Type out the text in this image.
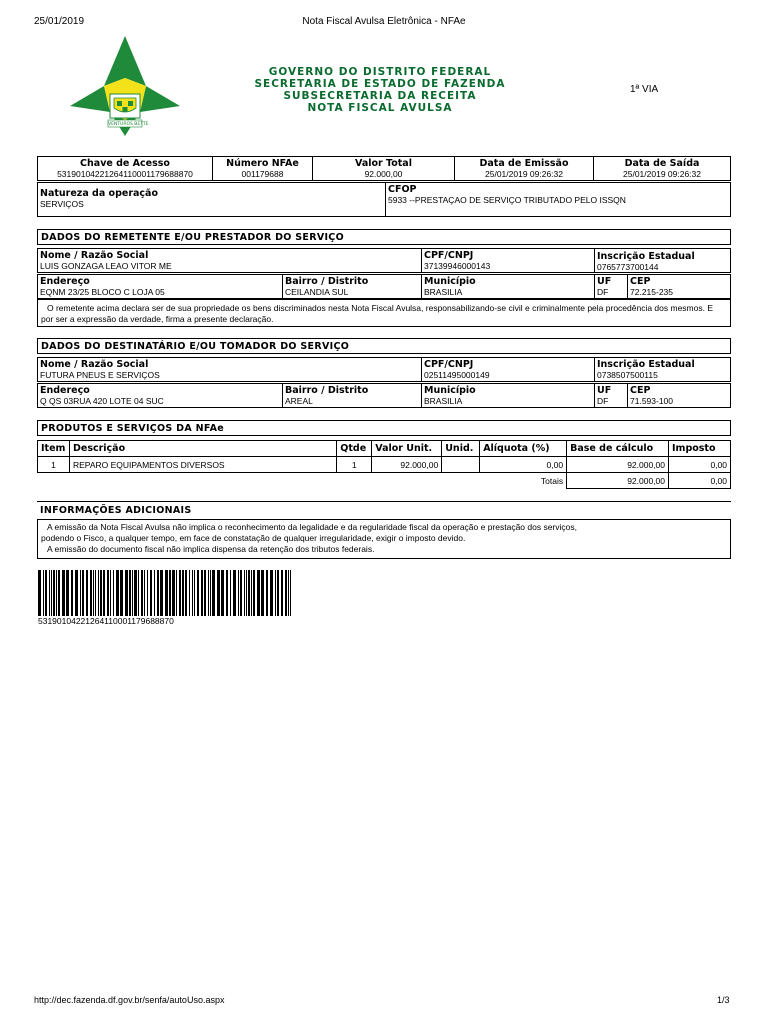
25/01/2019	Nota Fiscal Avulsa Eletrônica - NFAe
VENTUROS BETTE
GOVERNO DO DISTRITO FEDERAL
SECRETARIA DE ESTADO DE FAZENDA
SUBSECRETARIA DA RECEITA
NOTA FISCAL AVULSA
1ª VIA
Chave de Acesso
53190104221264110001179688870
Número NFAe
001179688
Valor Total
92.000,00
Data de Emissão
25/01/2019 09:26:32
Data de Saída
25/01/2019 09:26:32
Natureza da operação
SERVIÇOS
CFOP
5933 --PRESTAÇAO DE SERVIÇO TRIBUTADO PELO ISSQN
DADOS DO REMETENTE E/OU PRESTADOR DO SERVIÇO
Nome / Razão Social
LUIS GONZAGA LEAO VITOR ME
CPF/CNPJ
37139946000143
Inscrição Estadual
0765773700144
Endereço
EQNM 23/25 BLOCO C LOJA 05
Bairro / Distrito
CEILANDIA SUL
Município
BRASILIA
UF
DF
CEP
72.215-235
O remetente acima declara ser de sua propriedade os bens discriminados nesta Nota Fiscal Avulsa, responsabilizando-se civil e criminalmente pela procedência dos mesmos. E por ser a expressão da verdade, firma a presente declaração.
DADOS DO DESTINATÁRIO E/OU TOMADOR DO SERVIÇO
Nome / Razão Social
FUTURA PNEUS E SERVIÇOS
CPF/CNPJ
02511495000149
Inscrição Estadual
0738507500115
Endereço
Q QS 03RUA 420 LOTE 04 SUC
Bairro / Distrito
AREAL
Município
BRASILIA
UF
DF
CEP
71.593-100
PRODUTOS E SERVIÇOS DA NFAe
Item	Descrição	Qtde	Valor Unit.	Unid.	Alíquota (%)	Base de cálculo	Imposto
1	REPARO EQUIPAMENTOS DIVERSOS	1	92.000,00		0,00	92.000,00	0,00
Totais						92.000,00	0,00
INFORMAÇÕES ADICIONAIS
A emissão da Nota Fiscal Avulsa não implica o reconhecimento da legalidade e da regularidade fiscal da operação e prestação dos serviços,
podendo o Fisco, a qualquer tempo, em face de constatação de qualquer irregularidade, exigir o imposto devido.
A emissão do documento fiscal não implica dispensa da retenção dos tributos federais.
53190104221264110001179688870
http://dec.fazenda.df.gov.br/senfa/autoUso.aspx	1/3
